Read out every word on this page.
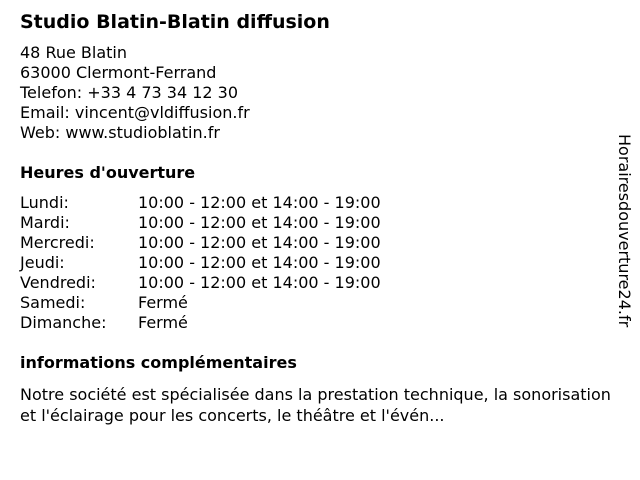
Studio Blatin-Blatin diffusion
48 Rue Blatin
63000 Clermont-Ferrand
Telefon: +33 4 73 34 12 30
Email: vincent@vldiffusion.fr
Web: www.studioblatin.fr
Heures d'ouverture
Lundi:	10:00 - 12:00 et 14:00 - 19:00
Mardi:	10:00 - 12:00 et 14:00 - 19:00
Mercredi:	10:00 - 12:00 et 14:00 - 19:00
Jeudi:	10:00 - 12:00 et 14:00 - 19:00
Vendredi:	10:00 - 12:00 et 14:00 - 19:00
Samedi:	Fermé
Dimanche:	Fermé
informations complémentaires
Notre société est spécialisée dans la prestation technique, la sonorisation et l'éclairage pour les concerts, le théâtre et l'évén...
Horairesdouverture24.fr
